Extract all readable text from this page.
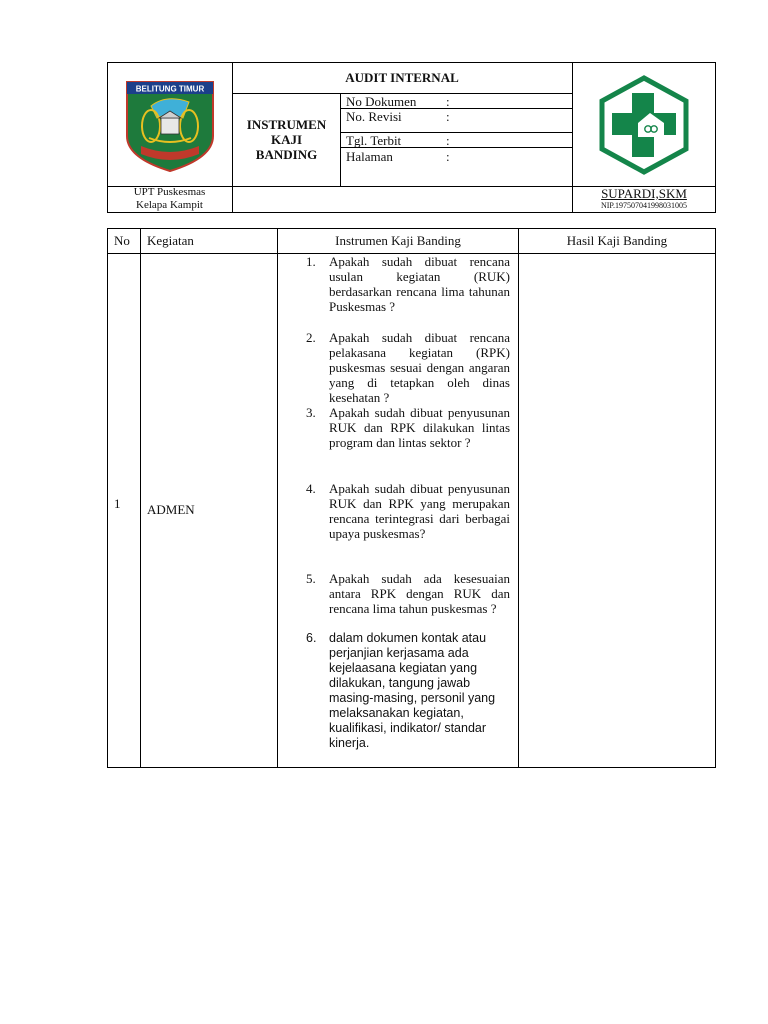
BELITUNG TIMUR
AUDIT INTERNAL
INSTRUMEN
KAJI
BANDING
No Dokumen :
No. Revisi	:
Tgl. Terbit	:
Halaman	:
UPT Puskesmas
Kelapa Kampit
SUPARDI,SKM
NIP.197507041998031005
No Kegiatan	Instrumen Kaji Banding	Hasil Kaji Banding
1 ADMEN
1. Apakah sudah dibuat rencana usulan kegiatan (RUK) berdasarkan rencana lima tahunan Puskesmas ?
2. Apakah sudah dibuat rencana pelakasana kegiatan (RPK) puskesmas sesuai dengan angaran yang di tetapkan oleh dinas kesehatan ?
3. Apakah sudah dibuat penyusunan RUK dan RPK dilakukan lintas program dan lintas sektor ?
4. Apakah sudah dibuat penyusunan RUK dan RPK yang merupakan rencana terintegrasi dari berbagai upaya puskesmas?
5. Apakah sudah ada kesesuaian antara RPK dengan RUK dan rencana lima tahun puskesmas ?
6. dalam dokumen kontak atau perjanjian kerjasama ada kejelaasana kegiatan yang dilakukan, tangung jawab masing-masing, personil yang melaksanakan kegiatan, kualifikasi, indikator/ standar kinerja.
